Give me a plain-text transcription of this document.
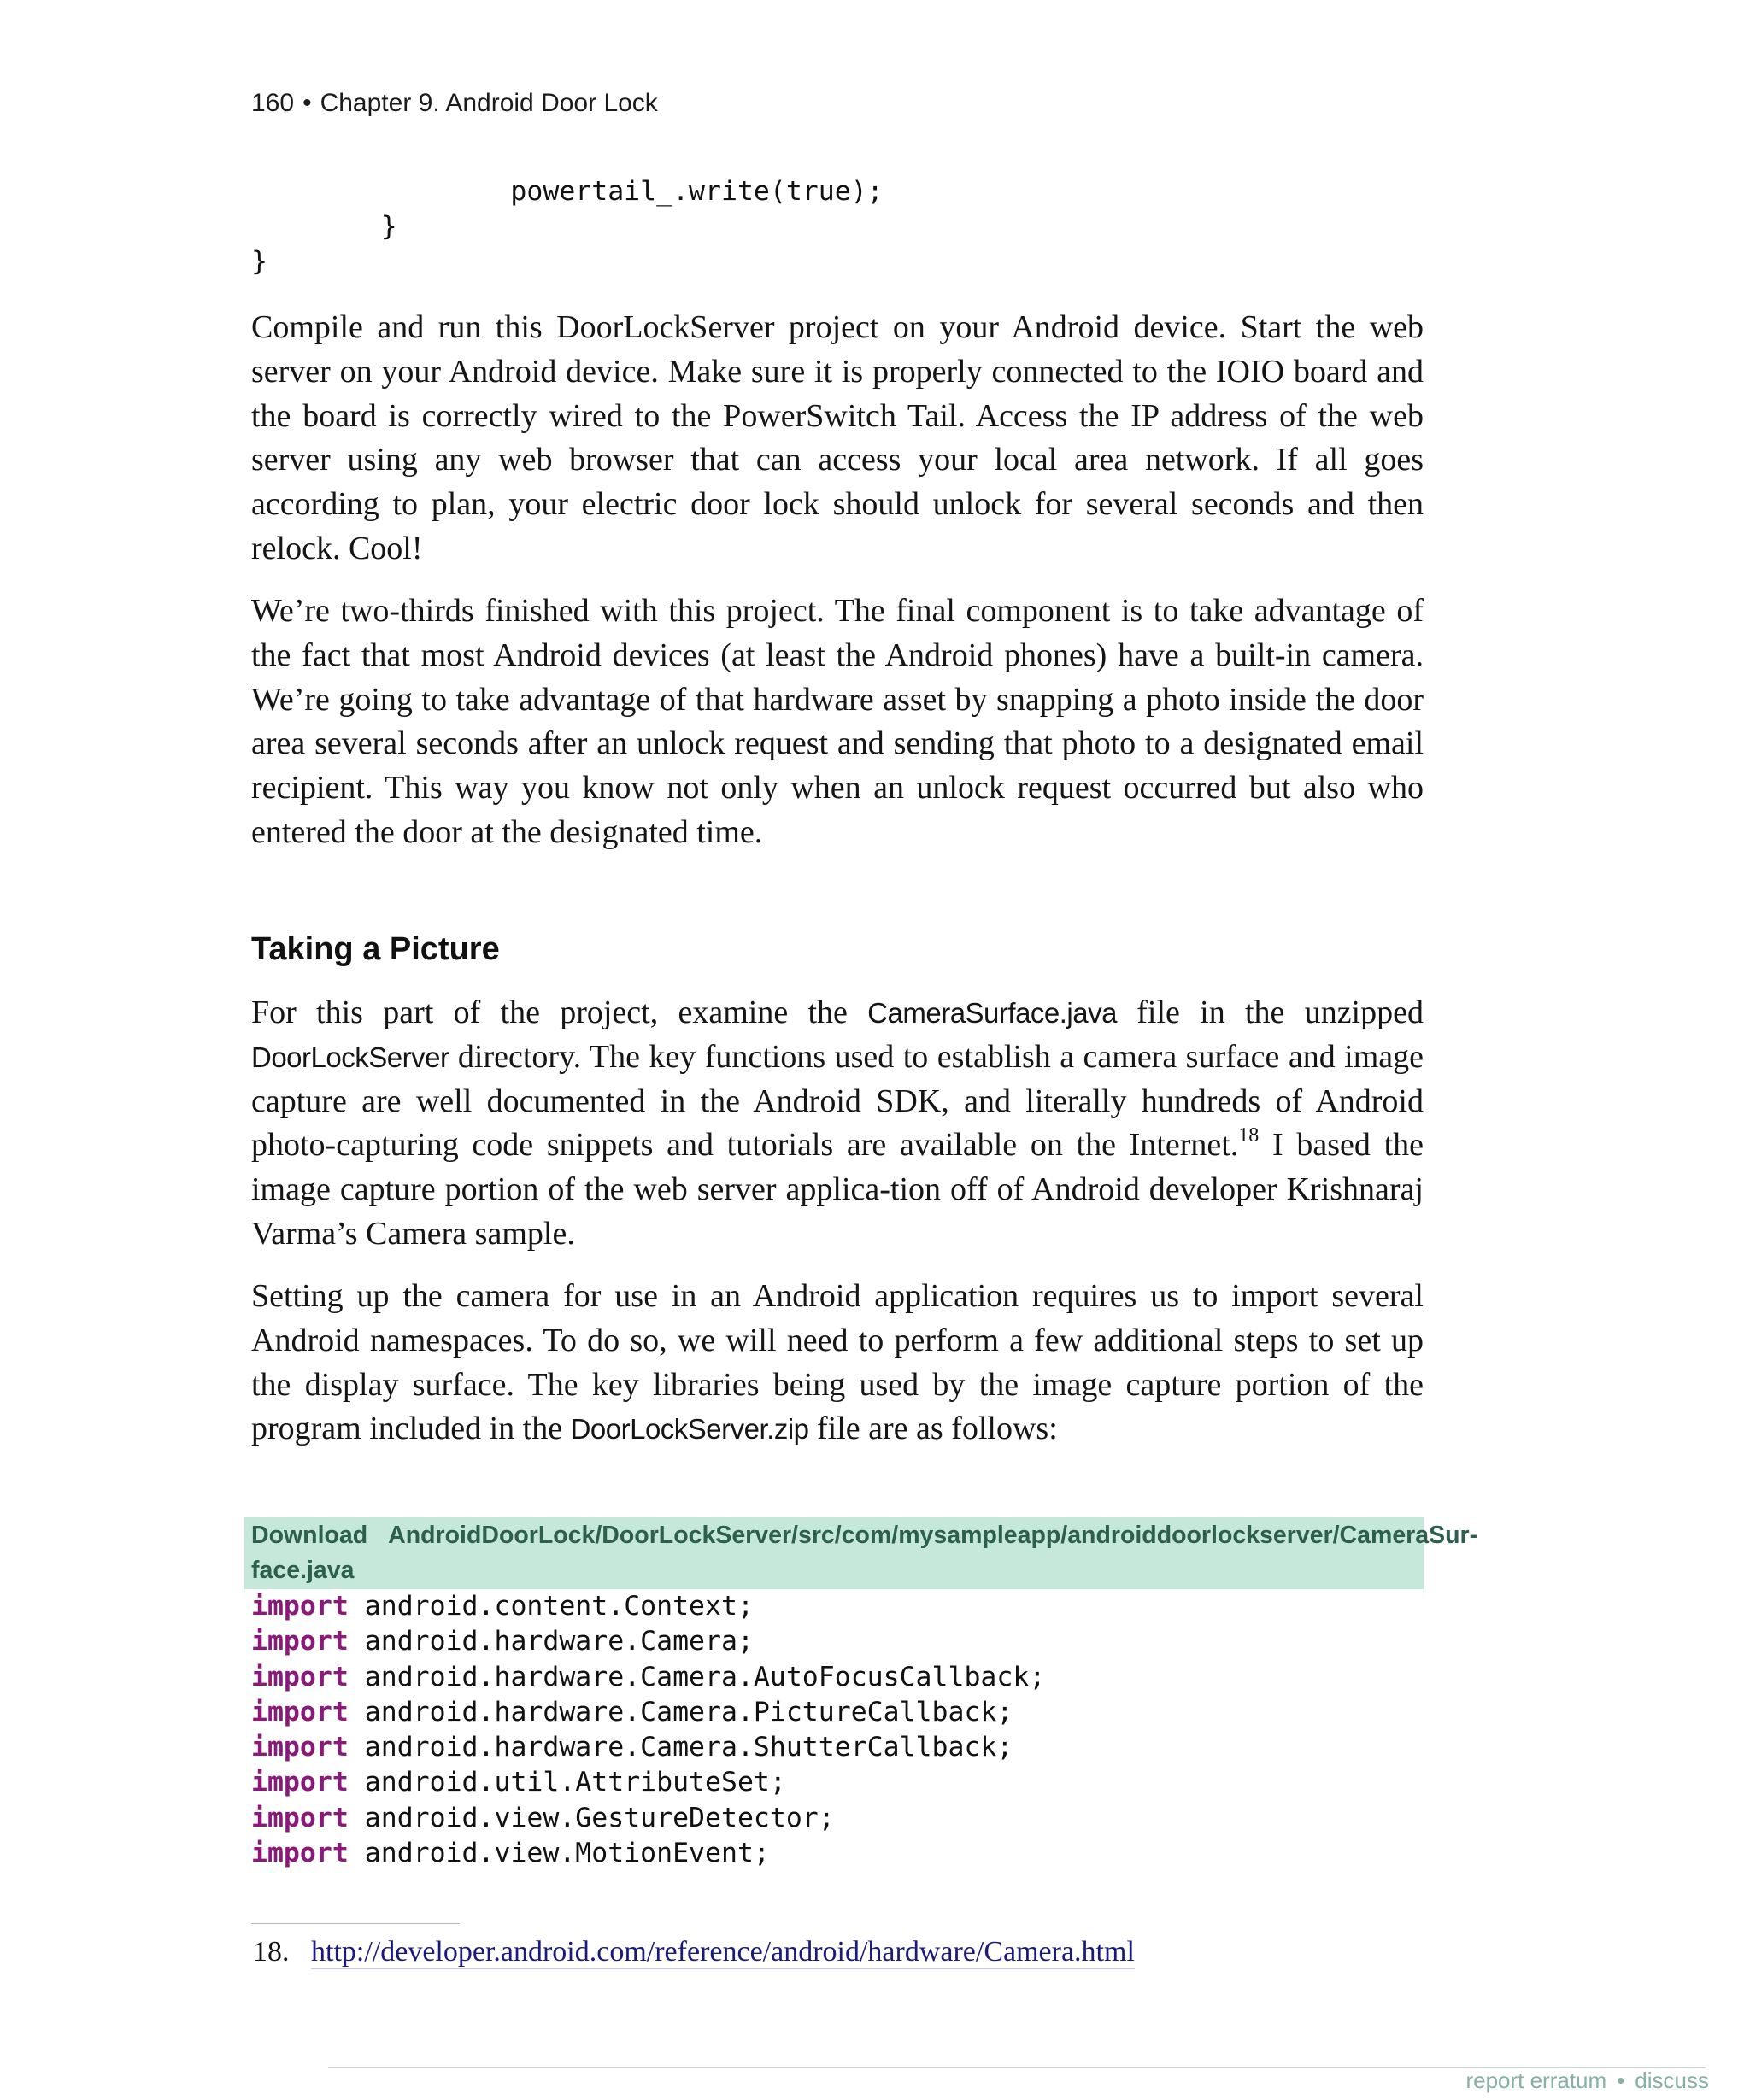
160 • Chapter 9. Android Door Lock
powertail_.write(true);
}
}

Compile and run this DoorLockServer project on your Android device. Start the web server on your Android device. Make sure it is properly connected to the IOIO board and the board is correctly wired to the PowerSwitch Tail. Access the IP address of the web server using any web browser that can access your local area network. If all goes according to plan, your electric door lock should unlock for several seconds and then relock. Cool!

We’re two-thirds finished with this project. The final component is to take advantage of the fact that most Android devices (at least the Android phones) have a built-in camera. We’re going to take advantage of that hardware asset by snapping a photo inside the door area several seconds after an unlock request and sending that photo to a designated email recipient. This way you know not only when an unlock request occurred but also who entered the door at the designated time.

Taking a Picture

For this part of the project, examine the CameraSurface.java file in the unzipped DoorLockServer directory. The key functions used to establish a camera surface and image capture are well documented in the Android SDK, and literally hundreds of Android photo-capturing code snippets and tutorials are available on the Internet.$^{18}$ I based the image capture portion of the web server applica-tion off of Android developer Krishnaraj Varma’s Camera sample.

Setting up the camera for use in an Android application requires us to import several Android namespaces. To do so, we will need to perform a few additional steps to set up the display surface. The key libraries being used by the image capture portion of the program included in the DoorLockServer.zip file are as follows:

Download AndroidDoorLock/DoorLockServer/src/com/mysampleapp/androiddoorlockserver/CameraSur-
face.java
import android.content.Context;
import android.hardware.Camera;
import android.hardware.Camera.AutoFocusCallback;
import android.hardware.Camera.PictureCallback;
import android.hardware.Camera.ShutterCallback;
import android.util.AttributeSet;
import android.view.GestureDetector;
import android.view.MotionEvent;
18. http://developer.android.com/reference/android/hardware/Camera.html
report erratum • discuss
